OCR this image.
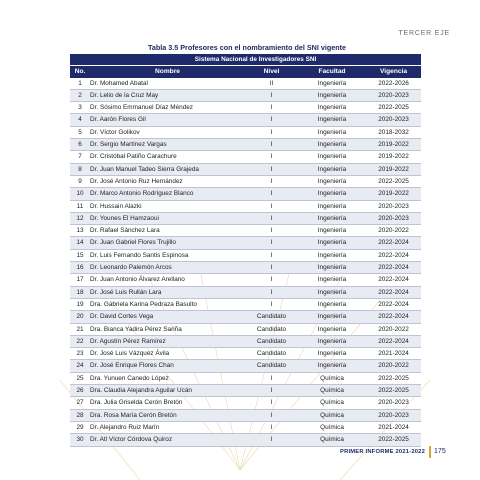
TERCER EJE
Tabla 3.5 Profesores con el nombramiento del SNI vigente
	Sistema Nacional de Investigadores SNI			
No.	Nombre	Nivel	Facultad	Vigencia
1	Dr. Mohamed Abatal	II	Ingeniería	2022-2026
2	Dr. Lelio de la Cruz May	I	Ingeniería	2020-2023
3	Dr. Sósimo Emmanuel Díaz Méndez	I	Ingeniería	2022-2025
4	Dr. Aarón Flores Gil	I	Ingeniería	2020-2023
5	Dr. Víctor Golikov	I	Ingeniería	2018-2032
6	Dr. Sergio Martínez Vargas	I	Ingeniería	2019-2022
7	Dr. Cristóbal Patiño Carachure	I	Ingeniería	2019-2022
8	Dr. Juan Manuel Tadeo Sierra Grajeda	I	Ingeniería	2019-2022
9	Dr. José Antonio Ruz Hernández	I	Ingeniería	2022-2025
10	Dr. Marco Antonio Rodríguez Blanco	I	Ingeniería	2019-2022
11	Dr. Hussain Alazki	I	Ingeniería	2020-2023
12	Dr. Younes El Hamzaoui	I	Ingeniería	2020-2023
13	Dr. Rafael Sánchez Lara	I	Ingeniería	2020-2022
14	Dr. Juan Gabriel Flores Trujillo	I	Ingeniería	2022-2024
15	Dr. Luis Fernando Santis Espinosa	I	Ingeniería	2022-2024
16	Dr. Leonardo Palemón Arcos	I	Ingeniería	2022-2024
17	Dr. Juan Antonio Álvarez Arellano	I	Ingeniería	2022-2024
18	Dr. José Luis Rullán Lara	I	Ingeniería	2022-2024
19	Dra. Gabriela Karina Pedraza Basulto	I	Ingeniería	2022-2024
20	Dr. David Cortes Vega	Candidato	Ingeniería	2022-2024
21	Dra. Bianca Yadira Pérez Sariña	Candidato	Ingeniería	2020-2022
22	Dr. Agustín Pérez Ramírez	Candidato	Ingeniería	2022-2024
23	Dr. José Luis Vázquez Ávila	Candidato	Ingeniería	2021-2024
24	Dr. José Enrique Flores Chan	Candidato	Ingeniería	2020-2022
25	Dra. Yunuen Canedo López	I	Química	2022-2025
26	Dra. Claudia Alejandra Aguilar Ucán	I	Química	2022-2025
27	Dra. Julia Griselda Cerón Bretón	I	Química	2020-2023
28	Dra. Rosa María Cerón Bretón	I	Química	2020-2023
29	Dr. Alejandro Ruiz Marín	I	Química	2021-2024
30	Dr. Atl Víctor Córdova Quiroz	I	Química	2022-2025
PRIMER INFORME 2021-2022 175
